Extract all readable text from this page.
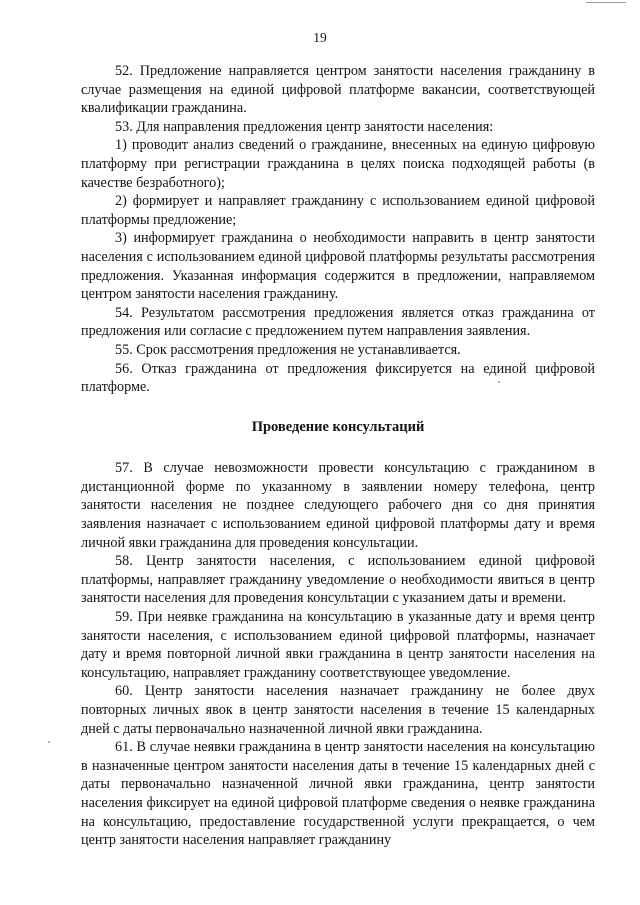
19

52. Предложение направляется центром занятости населения гражданину в случае размещения на единой цифровой платформе вакансии, соответствующей квалификации гражданина.

53. Для направления предложения центр занятости населения:

1) проводит анализ сведений о гражданине, внесенных на единую цифровую платформу при регистрации гражданина в целях поиска подходящей работы (в качестве безработного);

2) формирует и направляет гражданину с использованием единой цифровой платформы предложение;

3) информирует гражданина о необходимости направить в центр занятости населения с использованием единой цифровой платформы результаты рассмотрения предложения. Указанная информация содержится в предложении, направляемом центром занятости населения гражданину.

54. Результатом рассмотрения предложения является отказ гражданина от предложения или согласие с предложением путем направления заявления.

55. Срок рассмотрения предложения не устанавливается.

56. Отказ гражданина от предложения фиксируется на единой цифровой платформе.

Проведение консультаций

57. В случае невозможности провести консультацию с гражданином в дистанционной форме по указанному в заявлении номеру телефона, центр занятости населения не позднее следующего рабочего дня со дня принятия заявления назначает с использованием единой цифровой платформы дату и время личной явки гражданина для проведения консультации.

58. Центр занятости населения, с использованием единой цифровой платформы, направляет гражданину уведомление о необходимости явиться в центр занятости населения для проведения консультации с указанием даты и времени.

59. При неявке гражданина на консультацию в указанные дату и время центр занятости населения, с использованием единой цифровой платформы, назначает дату и время повторной личной явки гражданина в центр занятости населения на консультацию, направляет гражданину соответствующее уведомление.

60. Центр занятости населения назначает гражданину не более двух повторных личных явок в центр занятости населения в течение 15 календарных дней с даты первоначально назначенной личной явки гражданина.

61. В случае неявки гражданина в центр занятости населения на консультацию в назначенные центром занятости населения даты в течение 15 календарных дней с даты первоначально назначенной личной явки гражданина, центр занятости населения фиксирует на единой цифровой платформе сведения о неявке гражданина на консультацию, предоставление государственной услуги прекращается, о чем центр занятости населения направляет гражданину
